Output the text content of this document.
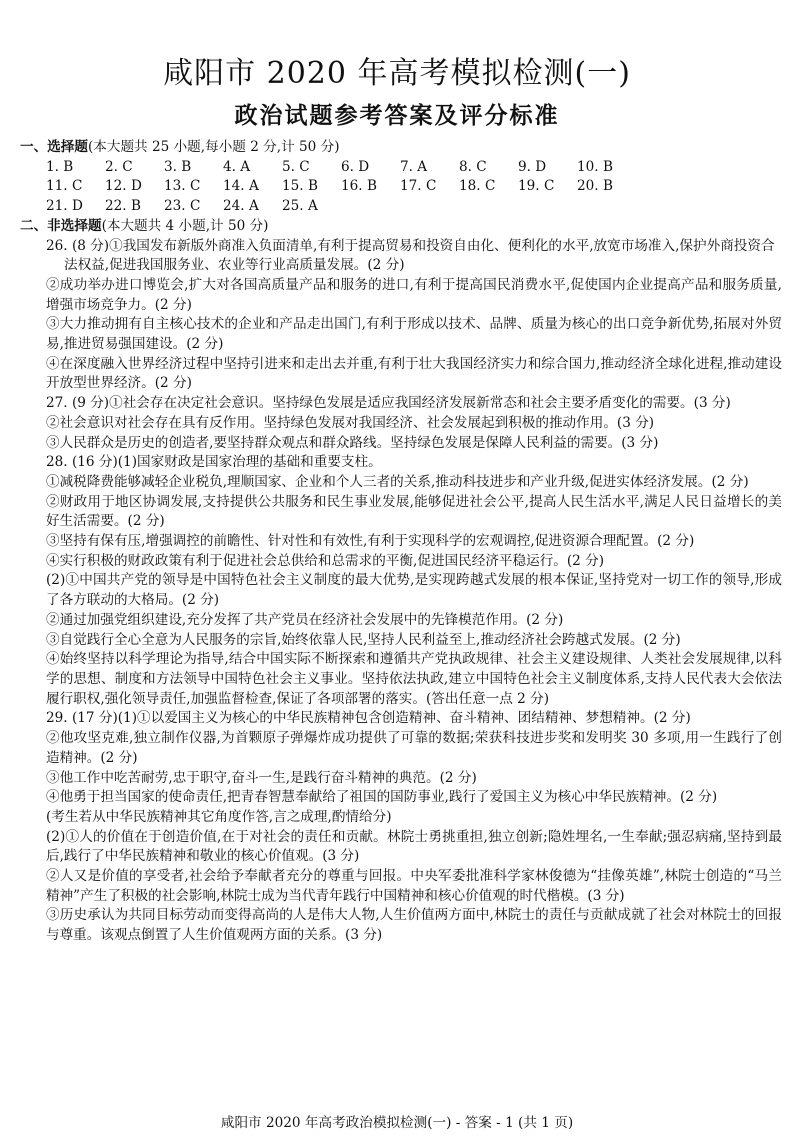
咸阳市 2020 年高考模拟检测(一)
政治试题参考答案及评分标准
一、选择题(本大题共 25 小题,每小题 2 分,计 50 分)
1. B	2. C	3. B	4. A	5. C	6. D	7. A	8. C	9. D	10. B
11. C	12. D	13. C	14. A	15. B	16. B	17. C	18. C	19. C	20. B
21. D	22. B	23. C	24. A	25. A
二、非选择题(本大题共 4 小题,计 50 分)

26. (8 分)①我国发布新版外商准入负面清单,有利于提高贸易和投资自由化、便利化的水平,放宽市场准入,保护外商投资合法权益,促进我国服务业、农业等行业高质量发展。(2 分)

②成功举办进口博览会,扩大对各国高质量产品和服务的进口,有利于提高国民消费水平,促使国内企业提高产品和服务质量,增强市场竞争力。(2 分)

③大力推动拥有自主核心技术的企业和产品走出国门,有利于形成以技术、品牌、质量为核心的出口竞争新优势,拓展对外贸易,推进贸易强国建设。(2 分)

④在深度融入世界经济过程中坚持引进来和走出去并重,有利于壮大我国经济实力和综合国力,推动经济全球化进程,推动建设开放型世界经济。(2 分)

27. (9 分)①社会存在决定社会意识。坚持绿色发展是适应我国经济发展新常态和社会主要矛盾变化的需要。(3 分)

②社会意识对社会存在具有反作用。坚持绿色发展对我国经济、社会发展起到积极的推动作用。(3 分)

③人民群众是历史的创造者,要坚持群众观点和群众路线。坚持绿色发展是保障人民利益的需要。(3 分)

28. (16 分)(1)国家财政是国家治理的基础和重要支柱。

①减税降费能够减轻企业税负,理顺国家、企业和个人三者的关系,推动科技进步和产业升级,促进实体经济发展。(2 分)

②财政用于地区协调发展,支持提供公共服务和民生事业发展,能够促进社会公平,提高人民生活水平,满足人民日益增长的美好生活需要。(2 分)

③坚持有保有压,增强调控的前瞻性、针对性和有效性,有利于实现科学的宏观调控,促进资源合理配置。(2 分)

④实行积极的财政政策有利于促进社会总供给和总需求的平衡,促进国民经济平稳运行。(2 分)

(2)①中国共产党的领导是中国特色社会主义制度的最大优势,是实现跨越式发展的根本保证,坚持党对一切工作的领导,形成了各方联动的大格局。(2 分)

②通过加强党组织建设,充分发挥了共产党员在经济社会发展中的先锋模范作用。(2 分)

③自觉践行全心全意为人民服务的宗旨,始终依靠人民,坚持人民利益至上,推动经济社会跨越式发展。(2 分)

④始终坚持以科学理论为指导,结合中国实际不断探索和遵循共产党执政规律、社会主义建设规律、人类社会发展规律,以科学的思想、制度和方法领导中国特色社会主义事业。坚持依法执政,建立中国特色社会主义制度体系,支持人民代表大会依法履行职权,强化领导责任,加强监督检查,保证了各项部署的落实。(答出任意一点 2 分)

29. (17 分)(1)①以爱国主义为核心的中华民族精神包含创造精神、奋斗精神、团结精神、梦想精神。(2 分)

②他攻坚克难,独立制作仪器,为首颗原子弹爆炸成功提供了可靠的数据;荣获科技进步奖和发明奖 30 多项,用一生践行了创造精神。(2 分)

③他工作中吃苦耐劳,忠于职守,奋斗一生,是践行奋斗精神的典范。(2 分)

④他勇于担当国家的使命责任,把青春智慧奉献给了祖国的国防事业,践行了爱国主义为核心中华民族精神。(2 分)

(考生若从中华民族精神其它角度作答,言之成理,酌情给分)

(2)①人的价值在于创造价值,在于对社会的责任和贡献。林院士勇挑重担,独立创新;隐姓埋名,一生奉献;强忍病痛,坚持到最后,践行了中华民族精神和敬业的核心价值观。(3 分)

②人又是价值的享受者,社会给予奉献者充分的尊重与回报。中央军委批准科学家林俊德为“挂像英雄”,林院士创造的“马兰精神”产生了积极的社会影响,林院士成为当代青年践行中国精神和核心价值观的时代楷模。(3 分)

③历史承认为共同目标劳动而变得高尚的人是伟大人物,人生价值两方面中,林院士的责任与贡献成就了社会对林院士的回报与尊重。该观点倒置了人生价值观两方面的关系。(3 分)

咸阳市 2020 年高考政治模拟检测(一) - 答案 - 1 (共 1 页)
